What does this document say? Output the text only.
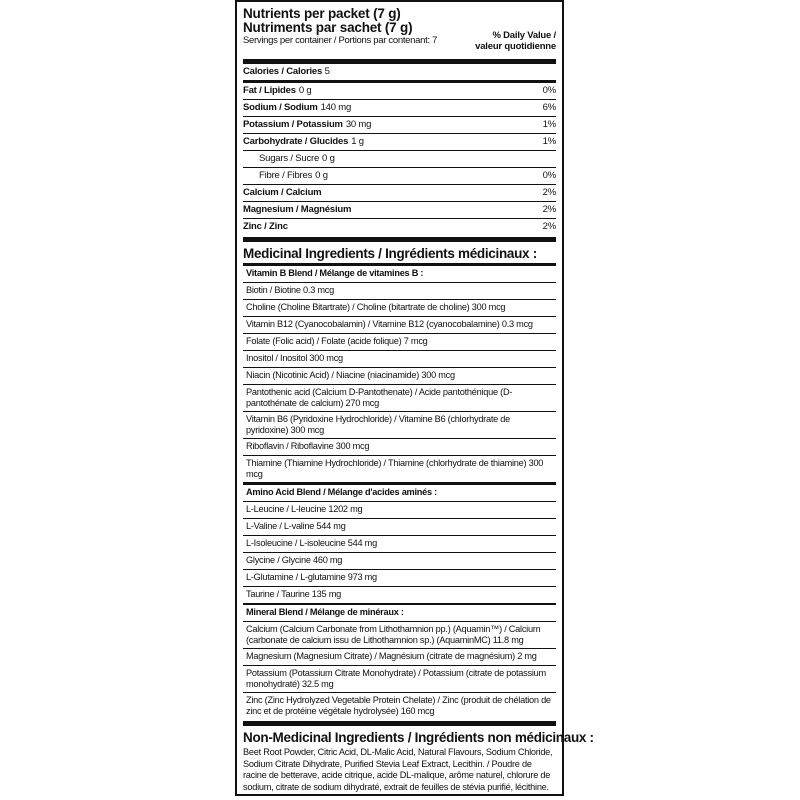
Nutrients per packet (7 g)
Nutriments par sachet (7 g)
Servings per container / Portions par contenant: 7	% Daily Value /
valeur quotidienne
Calories / Calories 5
Fat / Lipides 0 g	0%
Sodium / Sodium 140 mg	6%
Potassium / Potassium 30 mg	1%
Carbohydrate / Glucides 1 g	1%
Sugars / Sucre 0 g
Fibre / Fibres 0 g	0%
Calcium / Calcium	2%
Magnesium / Magnésium	2%
Zinc / Zinc	2%
Medicinal Ingredients / Ingrédients médicinaux :
Vitamin B Blend / Mélange de vitamines B :
Biotin / Biotine 0.3 mcg
Choline (Choline Bitartrate) / Choline (bitartrate de choline) 300 mcg
Vitamin B12 (Cyanocobalamin) / Vitamine B12 (cyanocobalamine) 0.3 mcg
Folate (Folic acid) / Folate (acide folique) 7 mcg
Inositol / Inositol 300 mcg
Niacin (Nicotinic Acid) / Niacine (niacinamide) 300 mcg
Pantothenic acid (Calcium D-Pantothenate) / Acide pantothénique (D-pantothénate de calcium) 270 mcg
Vitamin B6 (Pyridoxine Hydrochloride) / Vitamine B6 (chlorhydrate de pyridoxine) 300 mcg
Riboflavin / Riboflavine 300 mcg
Thiamine (Thiamine Hydrochloride) / Thiamine (chlorhydrate de thiamine) 300 mcg
Amino Acid Blend / Mélange d'acides aminés :
L-Leucine / L-leucine 1202 mg
L-Valine / L-valine 544 mg
L-Isoleucine / L-isoleucine 544 mg
Glycine / Glycine 460 mg
L-Glutamine / L-glutamine 973 mg
Taurine / Taurine 135 mg
Mineral Blend / Mélange de minéraux :
Calcium (Calcium Carbonate from Lithothamnion pp.) (Aquamin™) / Calcium (carbonate de calcium issu de Lithothamnion sp.) (AquaminMC) 11.8 mg
Magnesium (Magnesium Citrate) / Magnésium (citrate de magnésium) 2 mg
Potassium (Potassium Citrate Monohydrate) / Potassium (citrate de potassium monohydraté) 32.5 mg
Zinc (Zinc Hydrolyzed Vegetable Protein Chelate) / Zinc (produit de chélation de zinc et de protéine végétale hydrolysée) 160 mcg
Non-Medicinal Ingredients / Ingrédients non médicinaux :
Beet Root Powder, Citric Acid, DL-Malic Acid, Natural Flavours, Sodium Chloride, Sodium Citrate Dihydrate, Purified Stevia Leaf Extract, Lecithin. / Poudre de racine de betterave, acide citrique, acide DL-malique, arôme naturel, chlorure de sodium, citrate de sodium dihydraté, extrait de feuilles de stévia purifié, lécithine.
